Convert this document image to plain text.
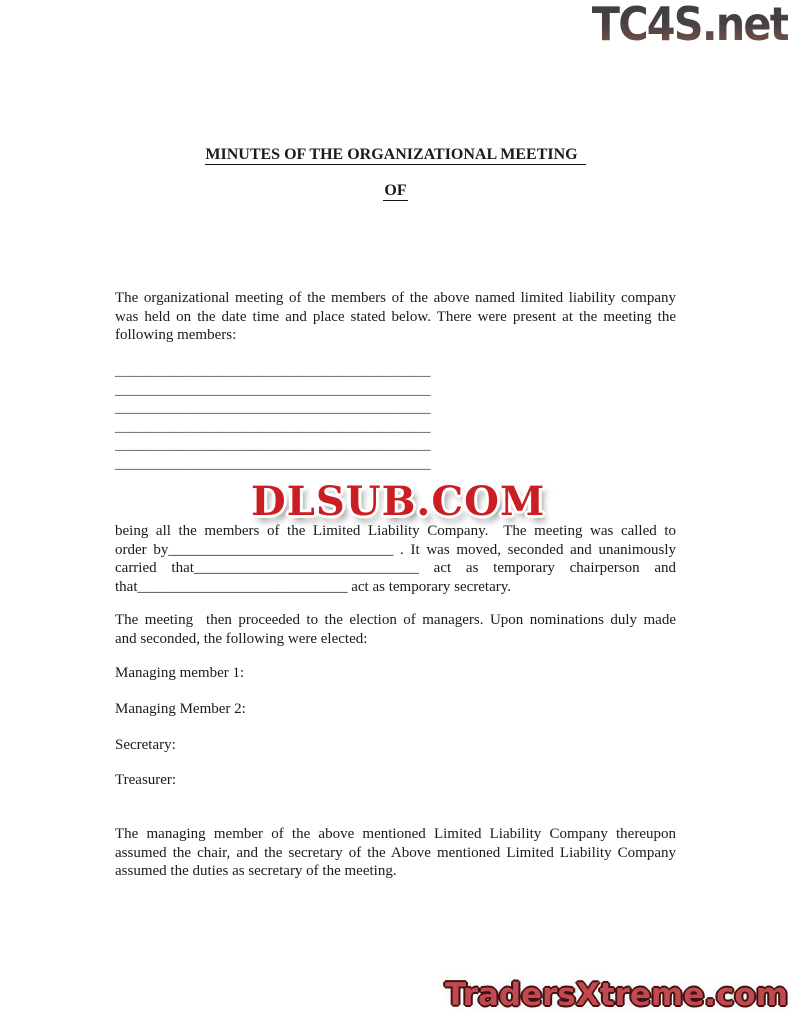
TC4S.net
MINUTES OF THE ORGANIZATIONAL MEETING
OF
The organizational meeting of the members of the above named limited liability company
was held on the date time and place stated below. There were present at the meeting the
following members:
_________________________________________
_________________________________________
_________________________________________
_________________________________________
_________________________________________
_________________________________________
being all the members of the Limited Liability Company.  The meeting was called to
order by______________________________ . It was moved, seconded and unanimously
carried that______________________________ act as temporary chairperson and
that____________________________ act as temporary secretary.
The meeting  then proceeded to the election of managers. Upon nominations duly made
and seconded, the following were elected:
Managing member 1:
Managing Member 2:
Secretary:
Treasurer:
The managing member of the above mentioned Limited Liability Company thereupon
assumed the chair, and the secretary of the Above mentioned Limited Liability Company
assumed the duties as secretary of the meeting.
DLSUB.COM
TradersXtreme.com
